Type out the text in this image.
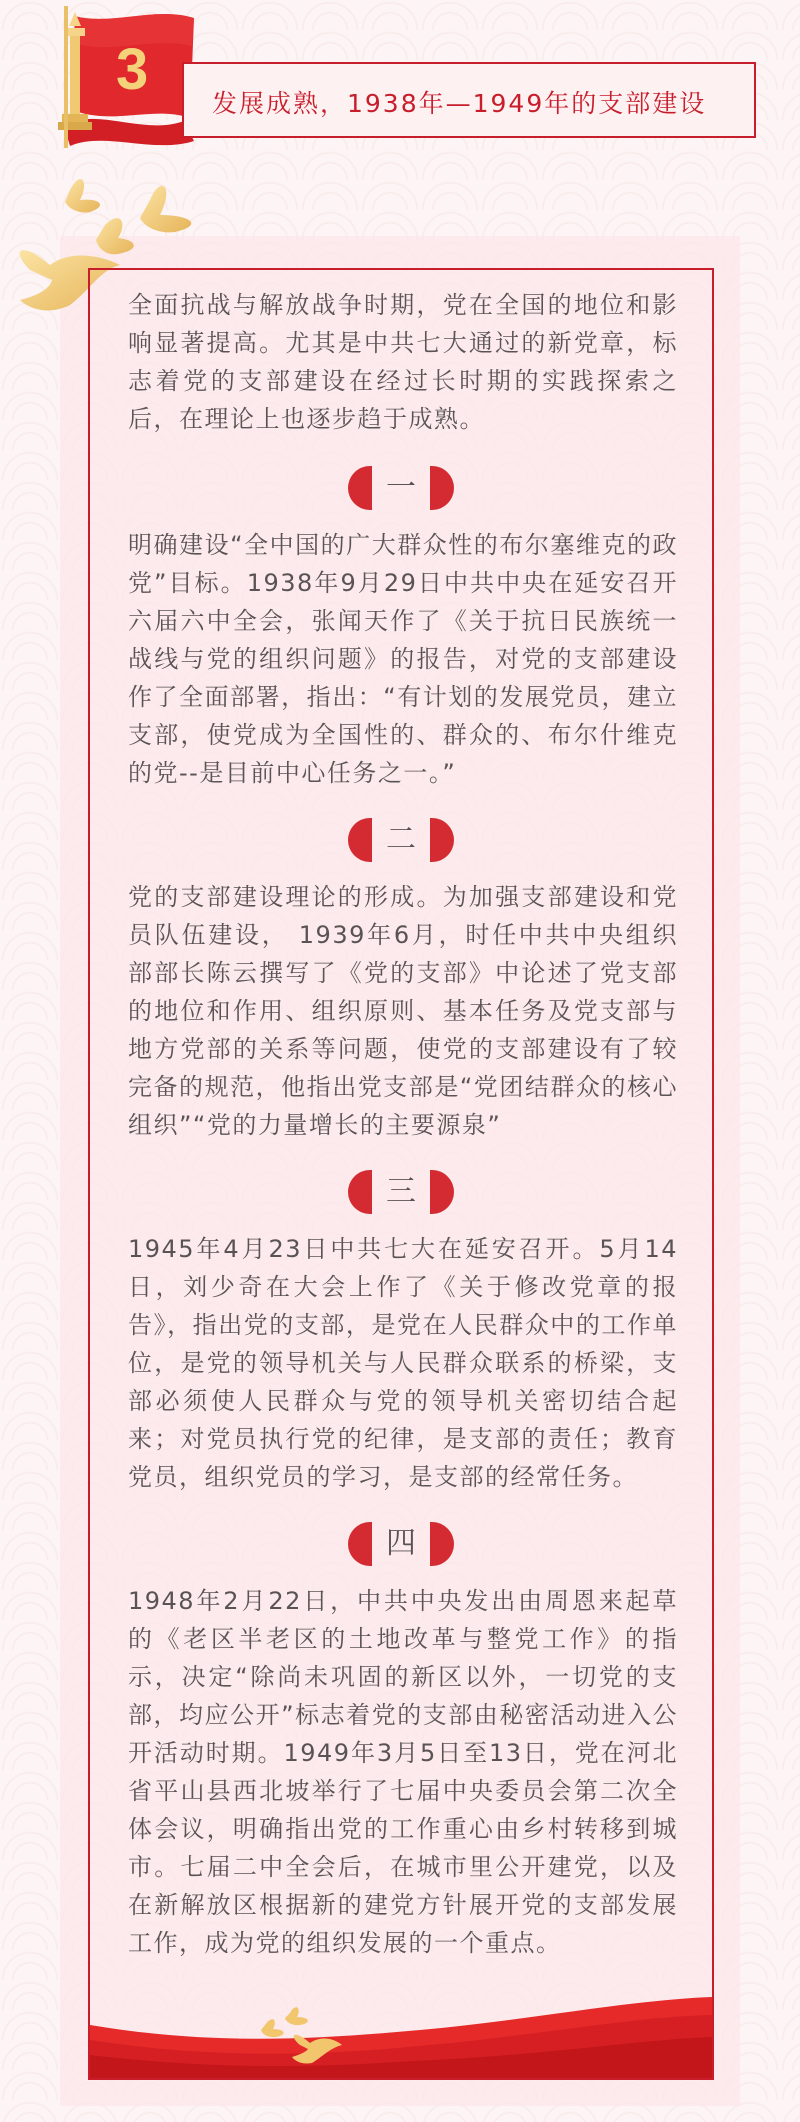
3
发展成熟，1938年—1949年的支部建设

全面抗战与解放战争时期，党在全国的地位和影响显著提高。尤其是中共七大通过的新党章，标志着党的支部建设在经过长时期的实践探索之后，在理论上也逐步趋于成熟。

一

明确建设“全中国的广大群众性的布尔塞维克的政党”目标。1938年9月29日中共中央在延安召开六届六中全会，张闻天作了《关于抗日民族统一战线与党的组织问题》的报告，对党的支部建设作了全面部署，指出：“有计划的发展党员，建立支部，使党成为全国性的、群众的、布尔什维克的党--是目前中心任务之一。”

二

党的支部建设理论的形成。为加强支部建设和党员队伍建设， 1939年6月，时任中共中央组织部部长陈云撰写了《党的支部》中论述了党支部的地位和作用、组织原则、基本任务及党支部与地方党部的关系等问题，使党的支部建设有了较完备的规范，他指出党支部是“党团结群众的核心组织”“党的力量增长的主要源泉”

三

1945年4月23日中共七大在延安召开。5月14日，刘少奇在大会上作了《关于修改党章的报告》，指出党的支部，是党在人民群众中的工作单位，是党的领导机关与人民群众联系的桥梁，支部必须使人民群众与党的领导机关密切结合起来；对党员执行党的纪律，是支部的责任；教育党员，组织党员的学习，是支部的经常任务。

四

1948年2月22日，中共中央发出由周恩来起草的《老区半老区的土地改革与整党工作》的指示，决定“除尚未巩固的新区以外，一切党的支部，均应公开”标志着党的支部由秘密活动进入公开活动时期。1949年3月5日至13日，党在河北省平山县西北坡举行了七届中央委员会第二次全体会议，明确指出党的工作重心由乡村转移到城市。七届二中全会后，在城市里公开建党，以及在新解放区根据新的建党方针展开党的支部发展工作，成为党的组织发展的一个重点。
